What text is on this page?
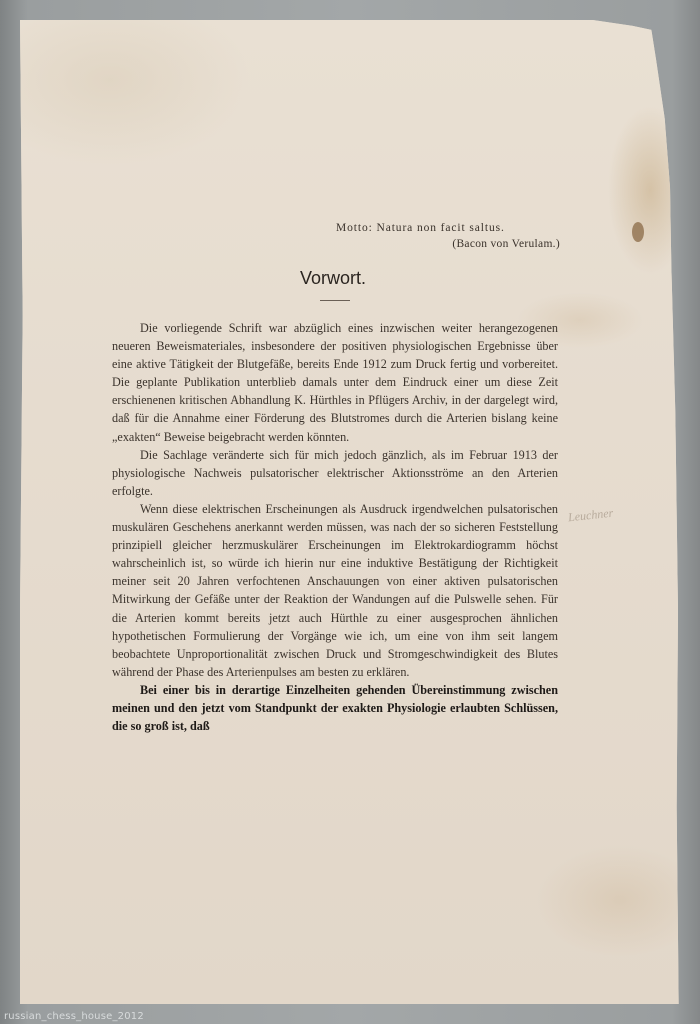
Motto: Natura non facit saltus.
(Bacon von Verulam.)
Vorwort.

Die vorliegende Schrift war abzüglich eines inzwischen weiter herangezogenen neueren Beweismateriales, insbesondere der positiven physiologischen Ergebnisse über eine aktive Tätigkeit der Blutgefäße, bereits Ende 1912 zum Druck fertig und vorbereitet. Die geplante Publikation unterblieb damals unter dem Eindruck einer um diese Zeit erschienenen kritischen Abhandlung K. Hürthles in Pflügers Archiv, in der dargelegt wird, daß für die Annahme einer Förderung des Blutstromes durch die Arterien bislang keine „exakten“ Beweise beigebracht werden könnten.

Die Sachlage veränderte sich für mich jedoch gänzlich, als im Februar 1913 der physiologische Nachweis pulsatorischer elektrischer Aktionsströme an den Arterien erfolgte.

Wenn diese elektrischen Erscheinungen als Ausdruck irgendwelchen pulsatorischen muskulären Geschehens anerkannt werden müssen, was nach der so sicheren Feststellung prinzipiell gleicher herzmuskulärer Erscheinungen im Elektrokardiogramm höchst wahrscheinlich ist, so würde ich hierin nur eine induktive Bestätigung der Richtigkeit meiner seit 20 Jahren verfochtenen Anschauungen von einer aktiven pulsatorischen Mitwirkung der Gefäße unter der Reaktion der Wandungen auf die Pulswelle sehen. Für die Arterien kommt bereits jetzt auch Hürthle zu einer ausgesprochen ähnlichen hypothetischen Formulierung der Vorgänge wie ich, um eine von ihm seit langem beobachtete Unproportionalität zwischen Druck und Stromgeschwindigkeit des Blutes während der Phase des Arterienpulses am besten zu erklären.

Bei einer bis in derartige Einzelheiten gehenden Übereinstimmung zwischen meinen und den jetzt vom Standpunkt der exakten Physiologie erlaubten Schlüssen, die so groß ist, daß

Leuchner
russian_chess_house_2012
